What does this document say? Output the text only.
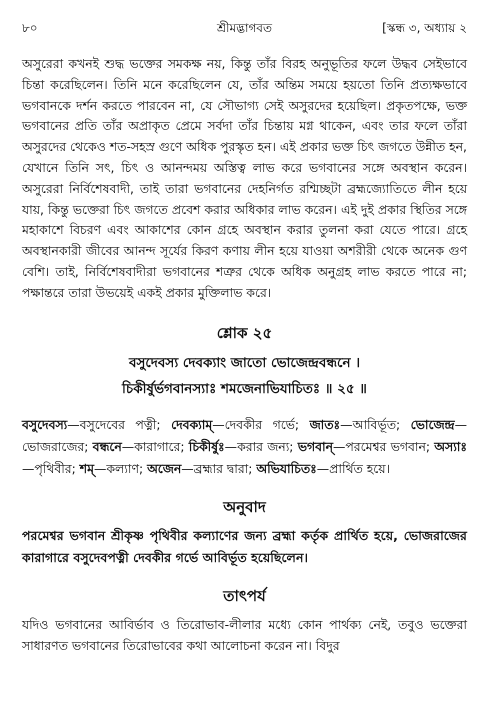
৮০	শ্রীমদ্ভাগবত	[স্কন্ধ ৩, অধ্যায় ২

অসুরেরা কখনই শুদ্ধ ভক্তের সমকক্ষ নয়, কিন্তু তাঁর বিরহ অনুভূতির ফলে উদ্ধব সেইভাবে চিন্তা করেছিলেন। তিনি মনে করেছিলেন যে, তাঁর অন্তিম সময়ে হয়তো তিনি প্রত্যক্ষভাবে ভগবানকে দর্শন করতে পারবেন না, যে সৌভাগ্য সেই অসুরদের হয়েছিল। প্রকৃতপক্ষে, ভক্ত ভগবানের প্রতি তাঁর অপ্রাকৃত প্রেমে সর্বদা তাঁর চিন্তায় মগ্ন থাকেন, এবং তার ফলে তাঁরা অসুরদের থেকেও শত-সহস্র গুণে অধিক পুরস্কৃত হন। এই প্রকার ভক্ত চিৎ জগতে উন্নীত হন, যেখানে তিনি সৎ, চিৎ ও আনন্দময় অস্তিত্ব লাভ করে ভগবানের সঙ্গে অবস্থান করেন। অসুরেরা নির্বিশেষবাদী, তাই তারা ভগবানের দেহনির্গত রশ্মিচ্ছটা ব্রহ্মজ্যোতিতে লীন হয়ে যায়, কিন্তু ভক্তেরা চিৎ জগতে প্রবেশ করার অধিকার লাভ করেন। এই দুই প্রকার স্থিতির সঙ্গে মহাকাশে বিচরণ এবং আকাশের কোন গ্রহে অবস্থান করার তুলনা করা যেতে পারে। গ্রহে অবস্থানকারী জীবের আনন্দ সূর্যের কিরণ কণায় লীন হয়ে যাওয়া অশরীরী থেকে অনেক গুণ বেশি। তাই, নির্বিশেষবাদীরা ভগবানের শত্রুর থেকে অধিক অনুগ্রহ লাভ করতে পারে না; পক্ষান্তরে তারা উভয়েই একই প্রকার মুক্তিলাভ করে।

শ্লোক ২৫
বসুদেবস্য দেবক্যাং জাতো ভোজেন্দ্রবন্ধনে ।
চিকীর্ষুর্ভগবানস্যাঃ শমজেনাভিযাচিতঃ ॥ ২৫ ॥
বসুদেবস্য—বসুদেবের পত্নী; দেবক্যাম্—দেবকীর গর্ভে; জাতঃ—আবির্ভূত; ভোজেন্দ্র—ভোজরাজের; বন্ধনে—কারাগারে; চিকীর্ষুঃ—করার জন্য; ভগবান্—পরমেশ্বর ভগবান; অস্যাঃ—পৃথিবীর; শম্—কল্যাণ; অজেন—ব্রহ্মার দ্বারা; অভিযাচিতঃ—প্রার্থিত হয়ে।
অনুবাদ
পরমেশ্বর ভগবান শ্রীকৃষ্ণ পৃথিবীর কল্যাণের জন্য ব্রহ্মা কর্তৃক প্রার্থিত হয়ে, ভোজরাজের কারাগারে বসুদেবপত্নী দেবকীর গর্ভে আবির্ভূত হয়েছিলেন।
তাৎপর্য
যদিও ভগবানের আবির্ভাব ও তিরোভাব-লীলার মধ্যে কোন পার্থক্য নেই, তবুও ভক্তেরা সাধারণত ভগবানের তিরোভাবের কথা আলোচনা করেন না। বিদুর
